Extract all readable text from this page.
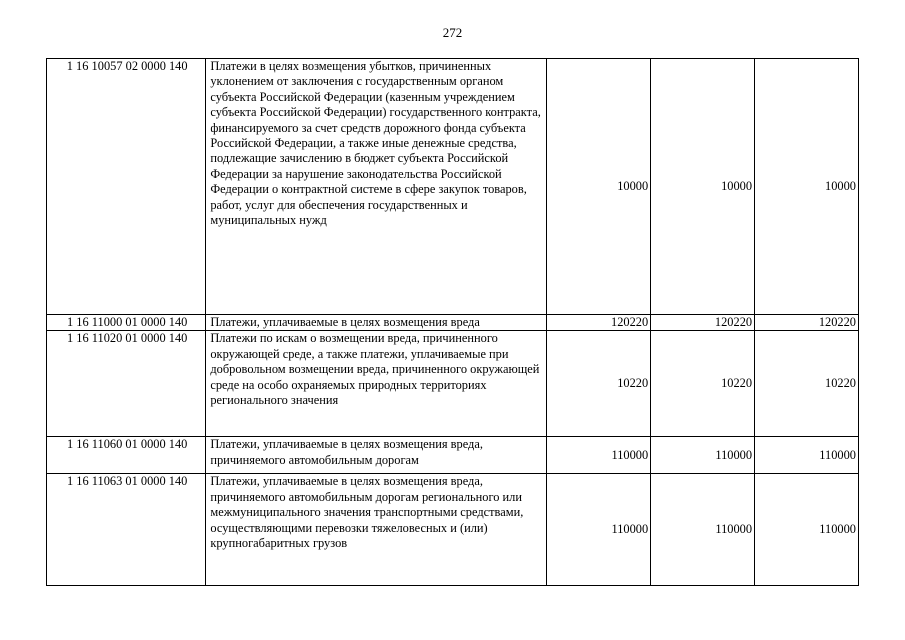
272
1 16 10057 02 0000 140	Платежи в целях возмещения убытков, причиненных уклонением от заключения с государственным органом субъекта Российской Федерации (казенным учреждением субъекта Российской Федерации) государственного контракта, финансируемого за счет средств дорожного фонда субъекта Российской Федерации, а также иные денежные средства, подлежащие зачислению в бюджет субъекта Российской Федерации за нарушение законодательства Российской Федерации о контрактной системе в сфере закупок товаров, работ, услуг для обеспечения государственных и муниципальных нужд	10000	10000	10000
1 16 11000 01 0000 140	Платежи, уплачиваемые в целях возмещения вреда	120220	120220	120220
1 16 11020 01 0000 140	Платежи по искам о возмещении вреда, причиненного окружающей среде, а также платежи, уплачиваемые при добровольном возмещении вреда, причиненного окружающей среде на особо охраняемых природных территориях регионального значения	10220	10220	10220
1 16 11060 01 0000 140	Платежи, уплачиваемые в целях возмещения вреда, причиняемого автомобильным дорогам	110000	110000	110000
1 16 11063 01 0000 140	Платежи, уплачиваемые в целях возмещения вреда, причиняемого автомобильным дорогам регионального или межмуниципального значения транспортными средствами, осуществляющими перевозки тяжеловесных и (или) крупногабаритных грузов	110000	110000	110000
